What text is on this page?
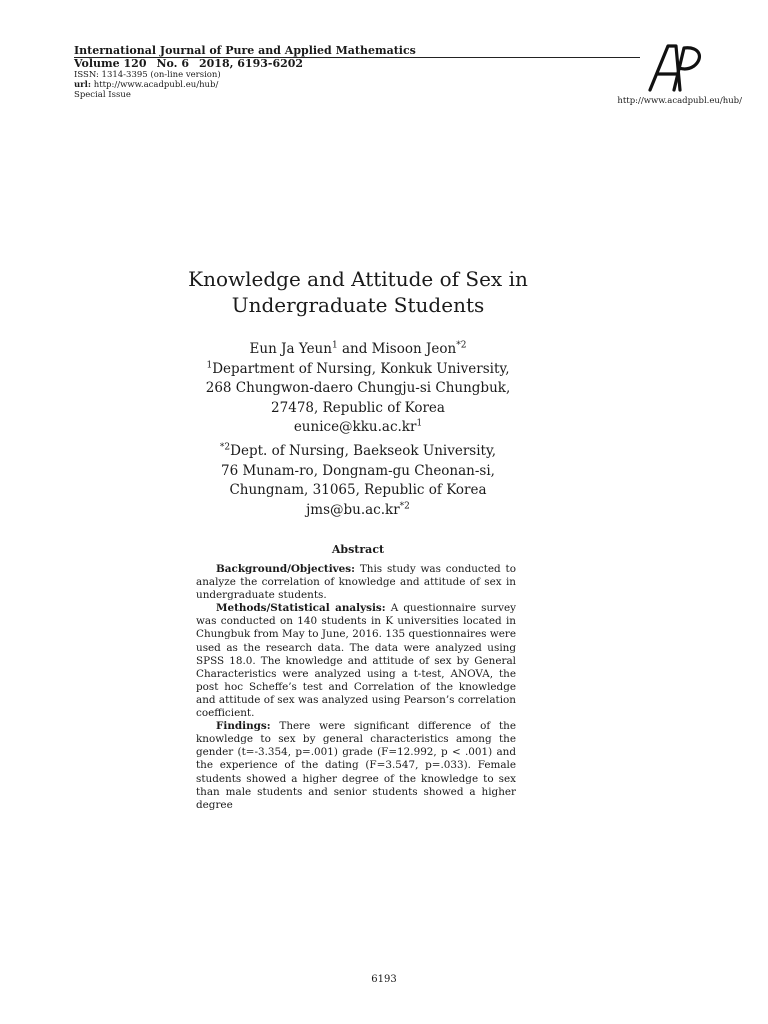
International Journal of Pure and Applied Mathematics
Volume 120 No. 6 2018, 6193-6202
ISSN: 1314-3395 (on-line version)
url: http://www.acadpubl.eu/hub/
Special Issue
http://www.acadpubl.eu/hub/
Knowledge and Attitude of Sex in
Undergraduate Students
Eun Ja Yeun$^1$ and Misoon Jeon$^{*2}$
$^1$Department of Nursing, Konkuk University,
268 Chungwon-daero Chungju-si Chungbuk,
27478, Republic of Korea
$eunice@kku.ac.kr^1$
$^{*2}$Dept. of Nursing, Baekseok University,
76 Munam-ro, Dongnam-gu Cheonan-si,
Chungnam, 31065, Republic of Korea
$jms@bu.ac.kr^{*2}$
Abstract

Background/Objectives: This study was conducted to analyze the correlation of knowledge and attitude of sex in undergraduate students.

Methods/Statistical analysis: A questionnaire survey was conducted on 140 students in K universities located in Chungbuk from May to June, 2016. 135 questionnaires were used as the research data. The data were analyzed using SPSS 18.0. The knowledge and attitude of sex by General Characteristics were analyzed using a t-test, ANOVA, the post hoc Scheffe’s test and Correlation of the knowledge and attitude of sex was analyzed using Pearson’s correlation coefficient.

Findings: There were significant difference of the knowledge to sex by general characteristics among the gender (t=-3.354, p=.001) grade (F=12.992, p < .001) and the experience of the dating (F=3.547, p=.033). Female students showed a higher degree of the knowledge to sex than male students and senior students showed a higher degree

6193
